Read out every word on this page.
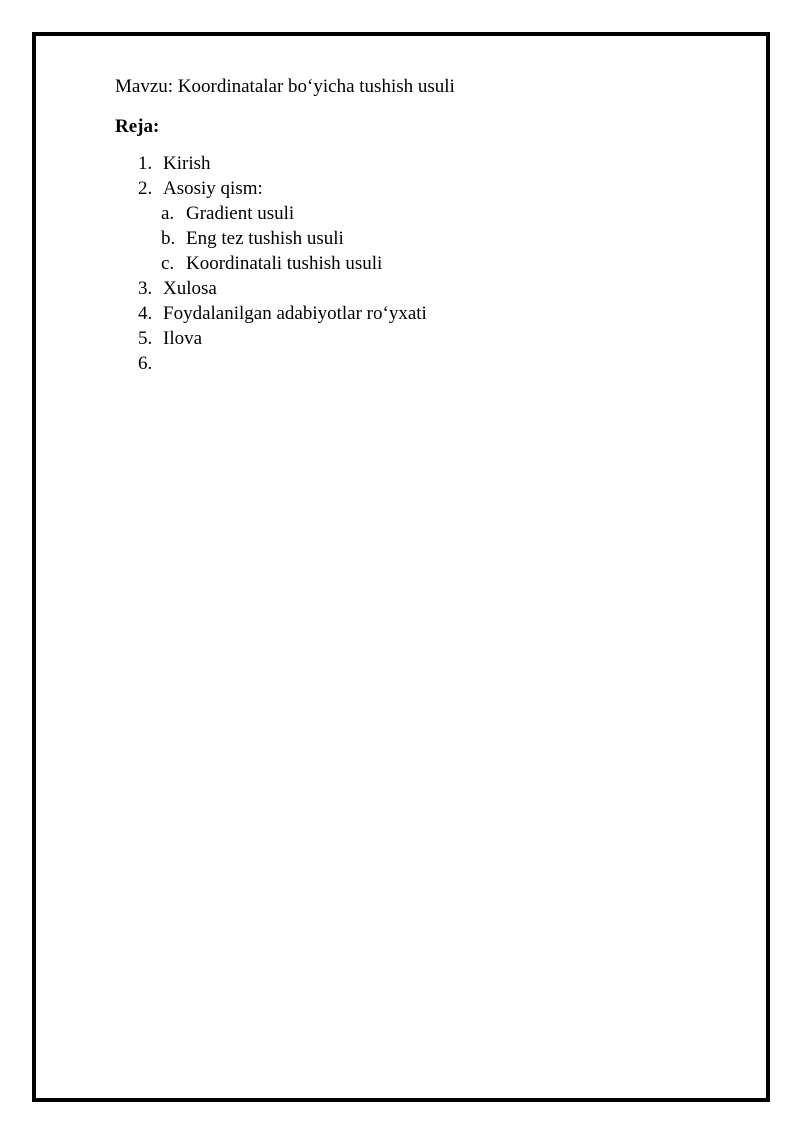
Mavzu: Koordinatalar bo‘yicha tushish usuli
Reja:
1. Kirish
2. Asosiy qism:
a. Gradient usuli
b. Eng tez tushish usuli
c. Koordinatali tushish usuli
3. Xulosa
4. Foydalanilgan adabiyotlar ro‘yxati
5. Ilova
6.
